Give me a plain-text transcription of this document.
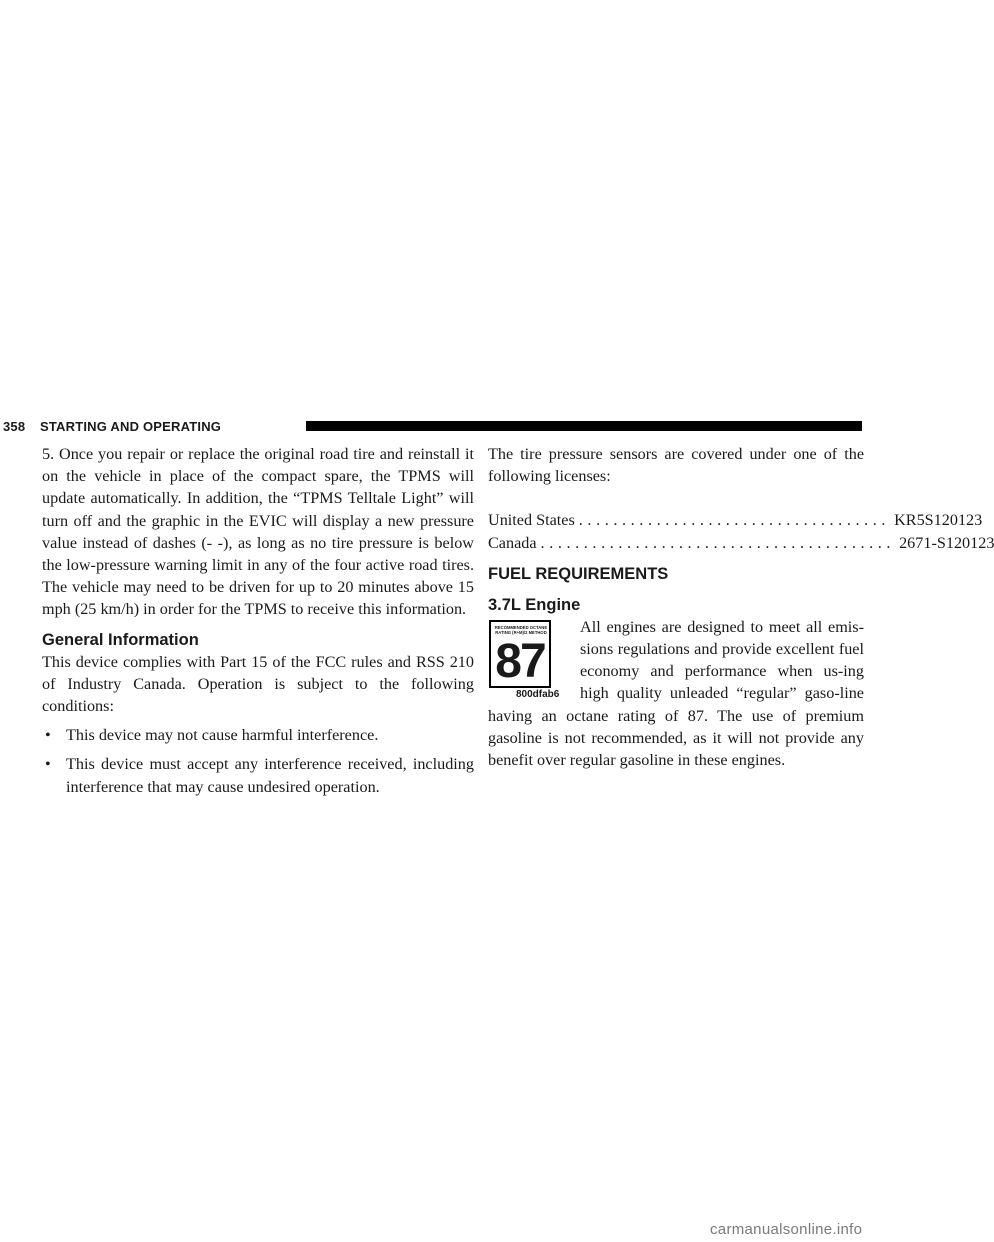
358 STARTING AND OPERATING

5. Once you repair or replace the original road tire and reinstall it on the vehicle in place of the compact spare, the TPMS will update automatically. In addition, the “TPMS Telltale Light” will turn off and the graphic in the EVIC will display a new pressure value instead of dashes (- -), as long as no tire pressure is below the low-pressure warning limit in any of the four active road tires. The vehicle may need to be driven for up to 20 minutes above 15 mph (25 km/h) in order for the TPMS to receive this information.

General Information

This device complies with Part 15 of the FCC rules and RSS 210 of Industry Canada. Operation is subject to the following conditions:

• This device may not cause harmful interference.
• This device must accept any interference received, including interference that may cause undesired operation.

The tire pressure sensors are covered under one of the following licenses:

United States .................................... KR5S120123
Canada ......................................... 2671-S120123
FUEL REQUIREMENTS
3.7L Engine
RECOMMENDED OCTANE RATING (R+M)/2 METHOD
87
800dfab6

All engines are designed to meet all emis-sions regulations and provide excellent fuel economy and performance when us-ing high quality unleaded “regular” gaso-line having an octane rating of 87. The use of premium gasoline is not recommended, as it will not provide any benefit over regular gasoline in these engines.

carmanualsonline.info
